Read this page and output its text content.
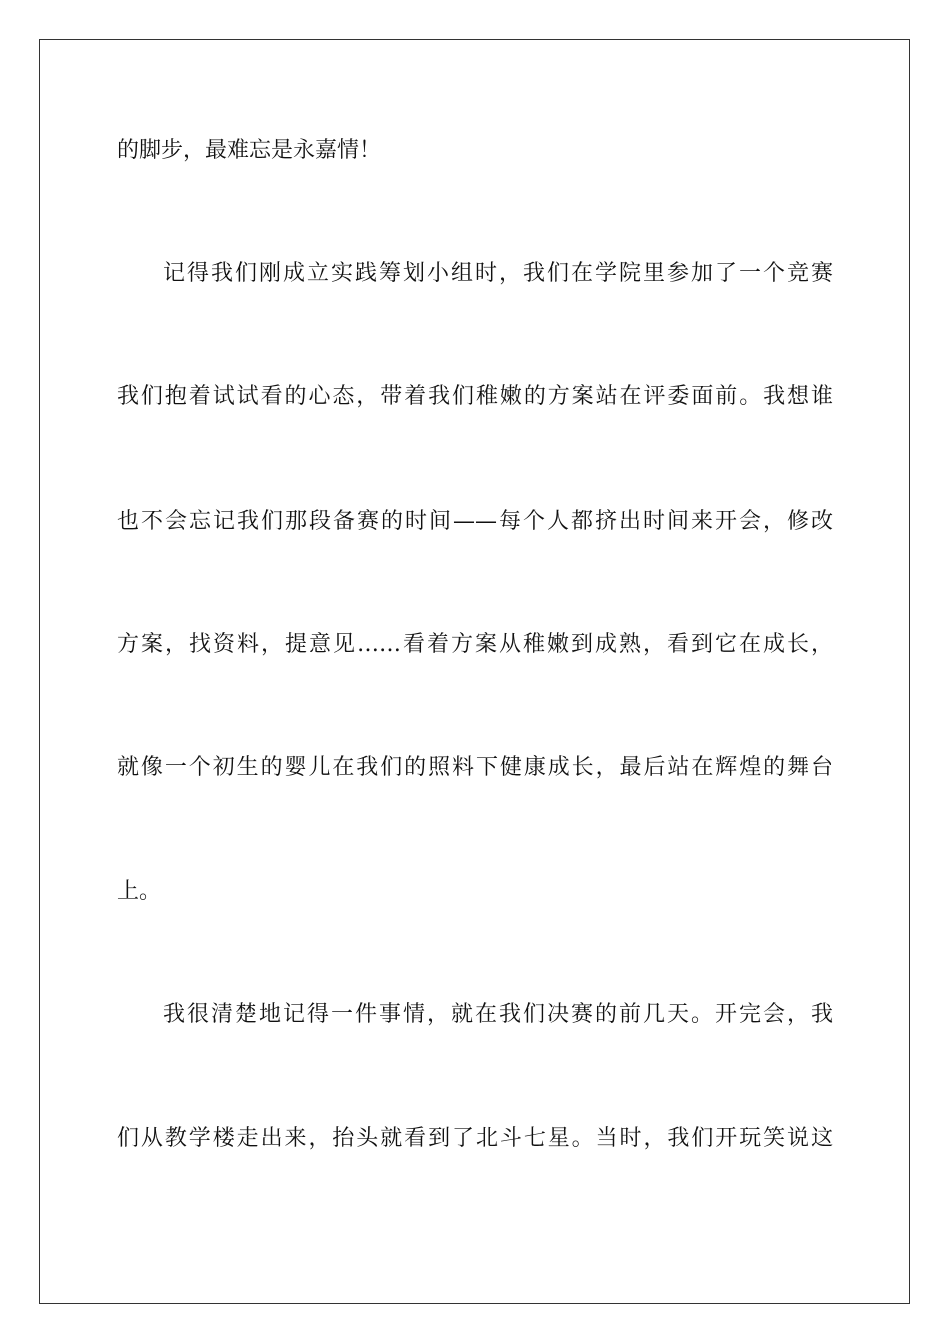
的脚步，最难忘是永嘉情！

记得我们刚成立实践筹划小组时，我们在学院里参加了一个竞赛

我们抱着试试看的心态，带着我们稚嫩的方案站在评委面前。我想谁

也不会忘记我们那段备赛的时间——每个人都挤出时间来开会，修改

方案，找资料，提意见……看着方案从稚嫩到成熟，看到它在成长，

就像一个初生的婴儿在我们的照料下健康成长，最后站在辉煌的舞台

上。

我很清楚地记得一件事情，就在我们决赛的前几天。开完会，我

们从教学楼走出来，抬头就看到了北斗七星。当时，我们开玩笑说这
